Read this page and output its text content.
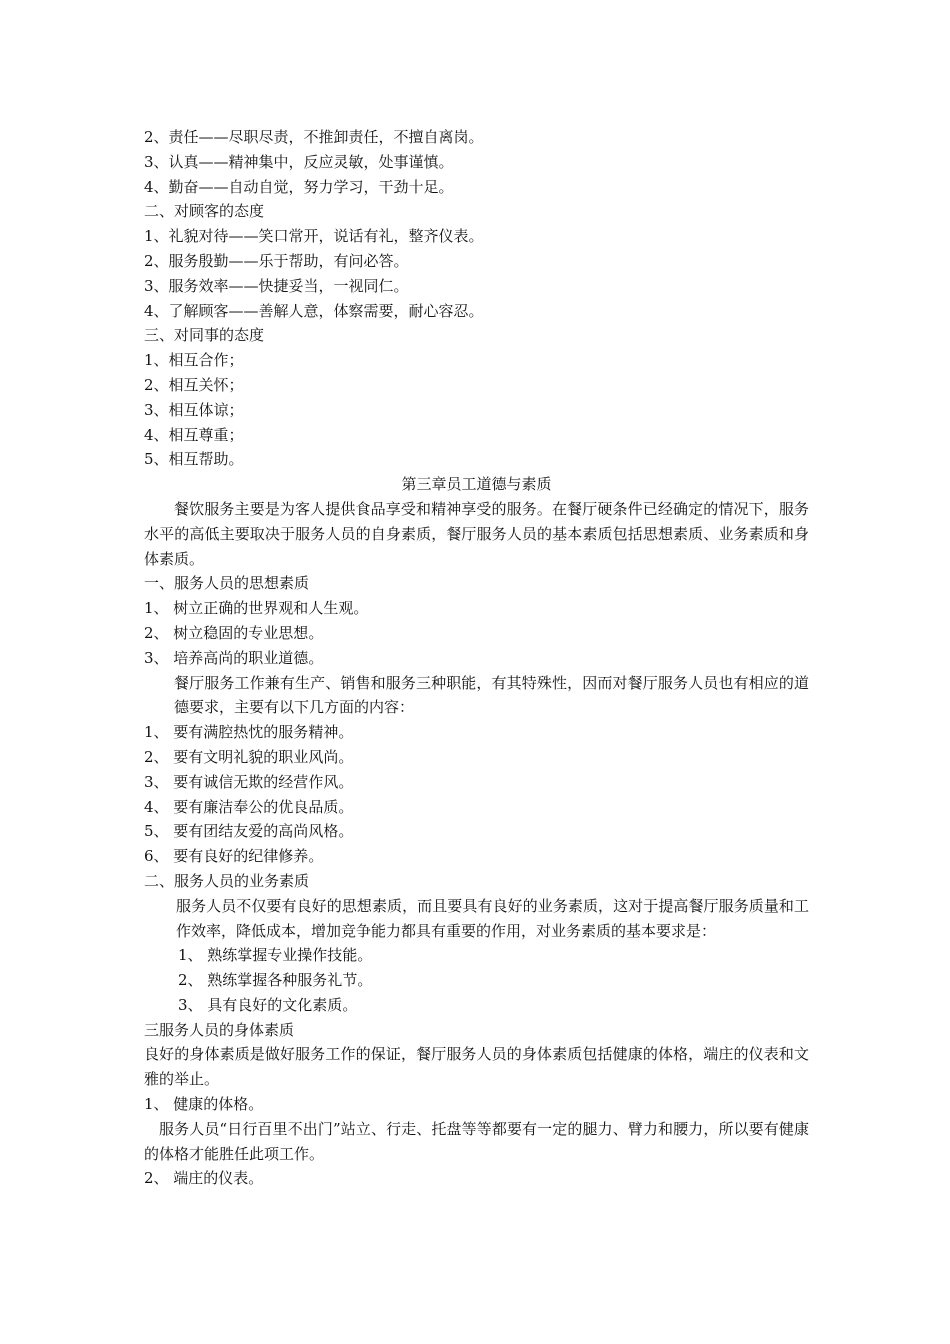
2、责任——尽职尽责，不推卸责任，不擅自离岗。
3、认真——精神集中，反应灵敏，处事谨慎。
4、勤奋——自动自觉，努力学习，干劲十足。
二、对顾客的态度
1、礼貌对待——笑口常开，说话有礼，整齐仪表。
2、服务殷勤——乐于帮助，有问必答。
3、服务效率——快捷妥当，一视同仁。
4、了解顾客——善解人意，体察需要，耐心容忍。
三、对同事的态度
1、相互合作；
2、相互关怀；
3、相互体谅；
4、相互尊重；
5、相互帮助。
第三章员工道德与素质
餐饮服务主要是为客人提供食品享受和精神享受的服务。在餐厅硬条件已经确定的情况下，服务水平的高低主要取决于服务人员的自身素质，餐厅服务人员的基本素质包括思想素质、业务素质和身体素质。
一、服务人员的思想素质
1、 树立正确的世界观和人生观。
2、 树立稳固的专业思想。
3、 培养高尚的职业道德。
餐厅服务工作兼有生产、销售和服务三种职能，有其特殊性，因而对餐厅服务人员也有相应的道德要求，主要有以下几方面的内容：
1、 要有满腔热忱的服务精神。
2、 要有文明礼貌的职业风尚。
3、 要有诚信无欺的经营作风。
4、 要有廉洁奉公的优良品质。
5、 要有团结友爱的高尚风格。
6、 要有良好的纪律修养。
二、服务人员的业务素质
服务人员不仅要有良好的思想素质，而且要具有良好的业务素质，这对于提高餐厅服务质量和工作效率，降低成本，增加竞争能力都具有重要的作用，对业务素质的基本要求是：
1、 熟练掌握专业操作技能。
2、 熟练掌握各种服务礼节。
3、 具有良好的文化素质。
三服务人员的身体素质
良好的身体素质是做好服务工作的保证，餐厅服务人员的身体素质包括健康的体格，端庄的仪表和文雅的举止。
1、 健康的体格。
服务人员“日行百里不出门”站立、行走、托盘等等都要有一定的腿力、臂力和腰力，所以要有健康的体格才能胜任此项工作。
2、 端庄的仪表。
